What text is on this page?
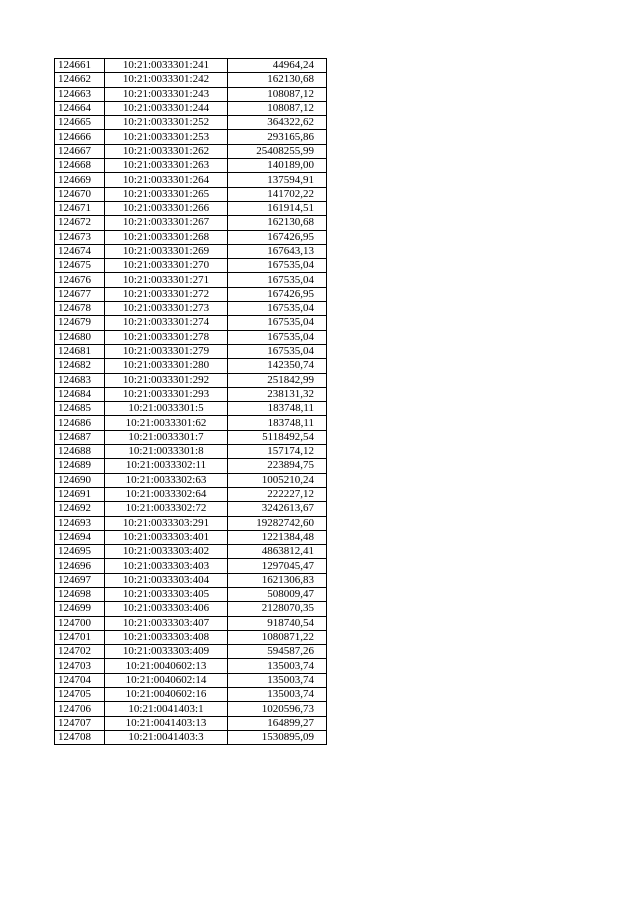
124661	10:21:0033301:241	44964,24
124662	10:21:0033301:242	162130,68
124663	10:21:0033301:243	108087,12
124664	10:21:0033301:244	108087,12
124665	10:21:0033301:252	364322,62
124666	10:21:0033301:253	293165,86
124667	10:21:0033301:262	25408255,99
124668	10:21:0033301:263	140189,00
124669	10:21:0033301:264	137594,91
124670	10:21:0033301:265	141702,22
124671	10:21:0033301:266	161914,51
124672	10:21:0033301:267	162130,68
124673	10:21:0033301:268	167426,95
124674	10:21:0033301:269	167643,13
124675	10:21:0033301:270	167535,04
124676	10:21:0033301:271	167535,04
124677	10:21:0033301:272	167426,95
124678	10:21:0033301:273	167535,04
124679	10:21:0033301:274	167535,04
124680	10:21:0033301:278	167535,04
124681	10:21:0033301:279	167535,04
124682	10:21:0033301:280	142350,74
124683	10:21:0033301:292	251842,99
124684	10:21:0033301:293	238131,32
124685	10:21:0033301:5	183748,11
124686	10:21:0033301:62	183748,11
124687	10:21:0033301:7	5118492,54
124688	10:21:0033301:8	157174,12
124689	10:21:0033302:11	223894,75
124690	10:21:0033302:63	1005210,24
124691	10:21:0033302:64	222227,12
124692	10:21:0033302:72	3242613,67
124693	10:21:0033303:291	19282742,60
124694	10:21:0033303:401	1221384,48
124695	10:21:0033303:402	4863812,41
124696	10:21:0033303:403	1297045,47
124697	10:21:0033303:404	1621306,83
124698	10:21:0033303:405	508009,47
124699	10:21:0033303:406	2128070,35
124700	10:21:0033303:407	918740,54
124701	10:21:0033303:408	1080871,22
124702	10:21:0033303:409	594587,26
124703	10:21:0040602:13	135003,74
124704	10:21:0040602:14	135003,74
124705	10:21:0040602:16	135003,74
124706	10:21:0041403:1	1020596,73
124707	10:21:0041403:13	164899,27
124708	10:21:0041403:3	1530895,09
